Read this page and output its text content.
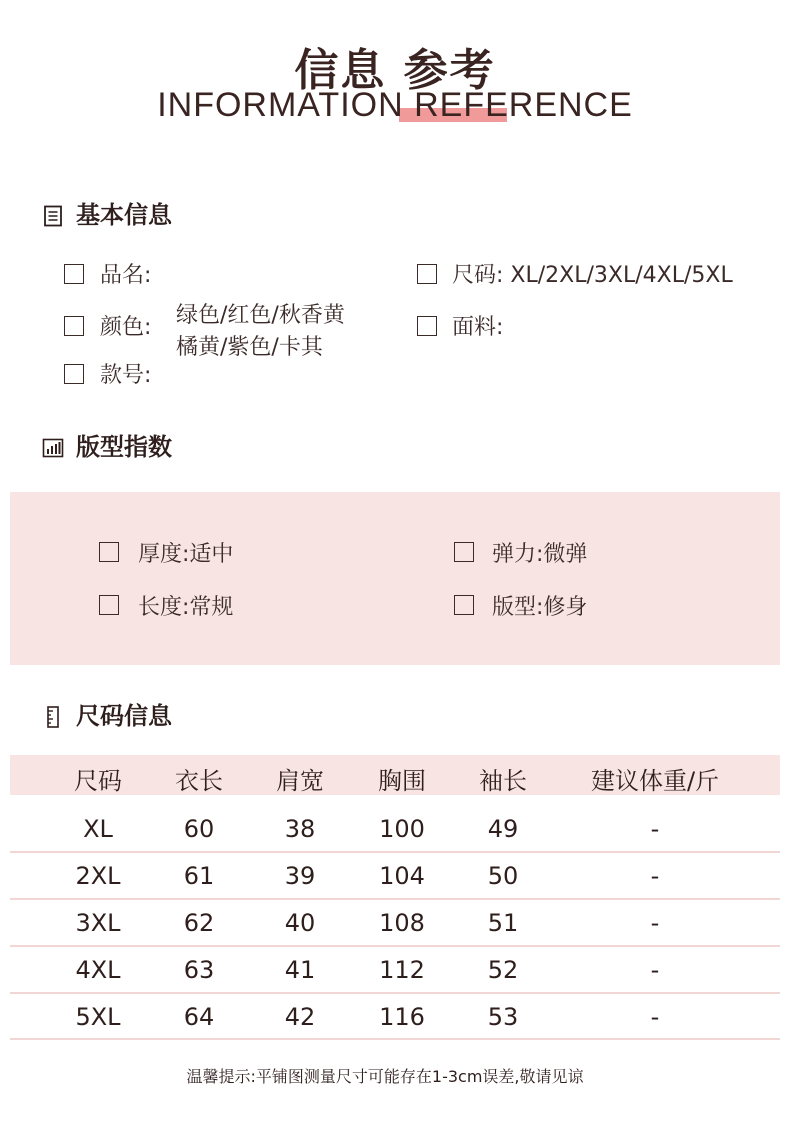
信息 参考
INFORMATION REFERENCE
基本信息
品名:	尺码: XL/2XL/3XL/4XL/5XL
颜色: 绿色/红色/秋香黄
橘黄/紫色/卡其
面料:
款号:
版型指数
厚度:适中	弹力:微弹
长度:常规	版型:修身
尺码信息
尺码	衣长	肩宽	胸围	袖长	建议体重/斤
XL	60	38	100	49	-
2XL	61	39	104	50	-
3XL	62	40	108	51	-
4XL	63	41	112	52	-
5XL	64	42	116	53	-
温馨提示:平铺图测量尺寸可能存在1-3cm误差,敬请见谅
